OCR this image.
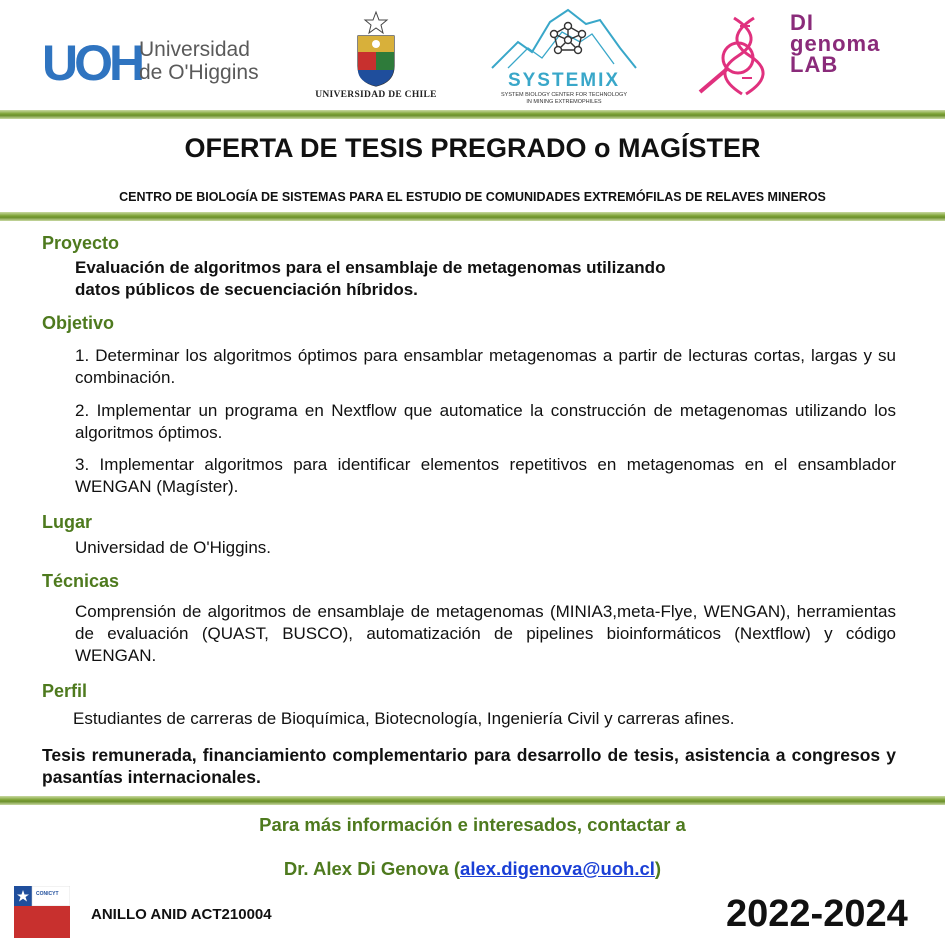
UOH
Universidad
de O'Higgins
UNIVERSIDAD DE CHILE
SYSTEMIX
SYSTEM BIOLOGY CENTER FOR TECHNOLOGY
IN MINING EXTREMOPHILES
DI
genoma
LAB
OFERTA DE TESIS PREGRADO o MAGÍSTER
CENTRO DE BIOLOGÍA DE SISTEMAS PARA EL ESTUDIO DE COMUNIDADES EXTREMÓFILAS DE RELAVES MINEROS
Proyecto
Evaluación de algoritmos para el ensamblaje de metagenomas utilizando
datos públicos de secuenciación híbridos.
Objetivo
1. Determinar los algoritmos óptimos para ensamblar metagenomas a partir de lecturas cortas, largas y su combinación.
2. Implementar un programa en Nextflow que automatice la construcción de metagenomas utilizando los algoritmos óptimos.
3. Implementar algoritmos para identificar elementos repetitivos en metagenomas en el ensamblador WENGAN (Magíster).
Lugar
Universidad de O'Higgins.
Técnicas
Comprensión de algoritmos de ensamblaje de metagenomas (MINIA3,meta-Flye, WENGAN), herramientas de evaluación (QUAST, BUSCO), automatización de pipelines bioinformáticos (Nextflow) y código WENGAN.
Perfil
Estudiantes de carreras de Bioquímica, Biotecnología, Ingeniería Civil y carreras afines.
Tesis remunerada, financiamiento complementario para desarrollo de tesis, asistencia a congresos y pasantías internacionales.
Para más información e interesados, contactar a
Dr. Alex Di Genova (alex.digenova@uoh.cl)
CONICYT
ANILLO ANID ACT210004	2022-2024
